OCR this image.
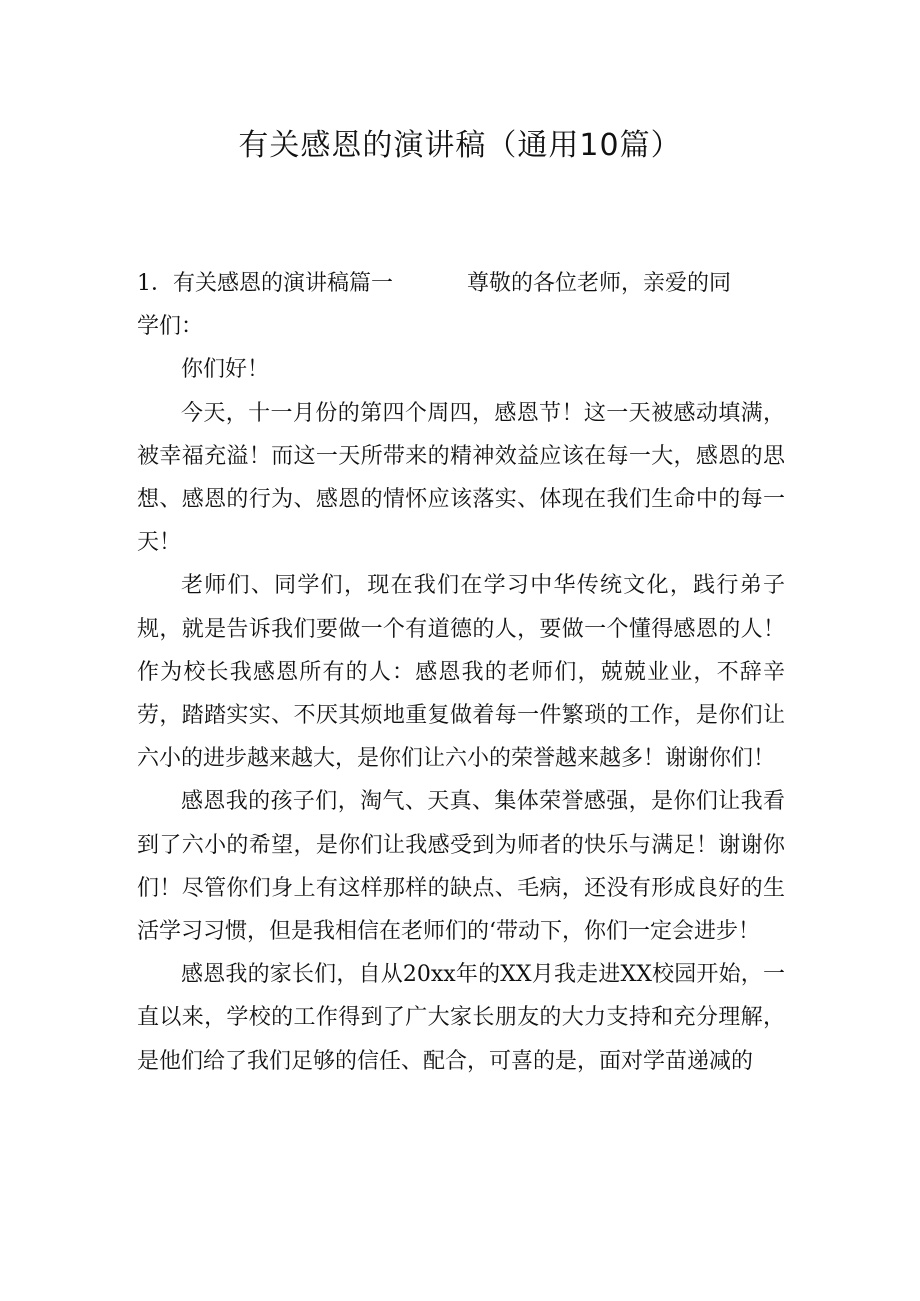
有关感恩的演讲稿（通用10篇）

1．有关感恩的演讲稿篇一	尊敬的各位老师，亲爱的同

学们：

你们好！

今天，十一月份的第四个周四，感恩节！这一天被感动填满，被幸福充溢！而这一天所带来的精神效益应该在每一大，感恩的思想、感恩的行为、感恩的情怀应该落实、体现在我们生命中的每一天！

老师们、同学们，现在我们在学习中华传统文化，践行弟子规，就是告诉我们要做一个有道德的人，要做一个懂得感恩的人！作为校长我感恩所有的人：感恩我的老师们，兢兢业业，不辞辛劳，踏踏实实、不厌其烦地重复做着每一件繁琐的工作，是你们让六小的进步越来越大，是你们让六小的荣誉越来越多！谢谢你们！

感恩我的孩子们，淘气、天真、集体荣誉感强，是你们让我看到了六小的希望，是你们让我感受到为师者的快乐与满足！谢谢你们！尽管你们身上有这样那样的缺点、毛病，还没有形成良好的生活学习习惯，但是我相信在老师们的‘带动下，你们一定会进步！

感恩我的家长们，自从20xx年的XX月我走进XX校园开始，一直以来，学校的工作得到了广大家长朋友的大力支持和充分理解，是他们给了我们足够的信任、配合，可喜的是，面对学苗递减的
